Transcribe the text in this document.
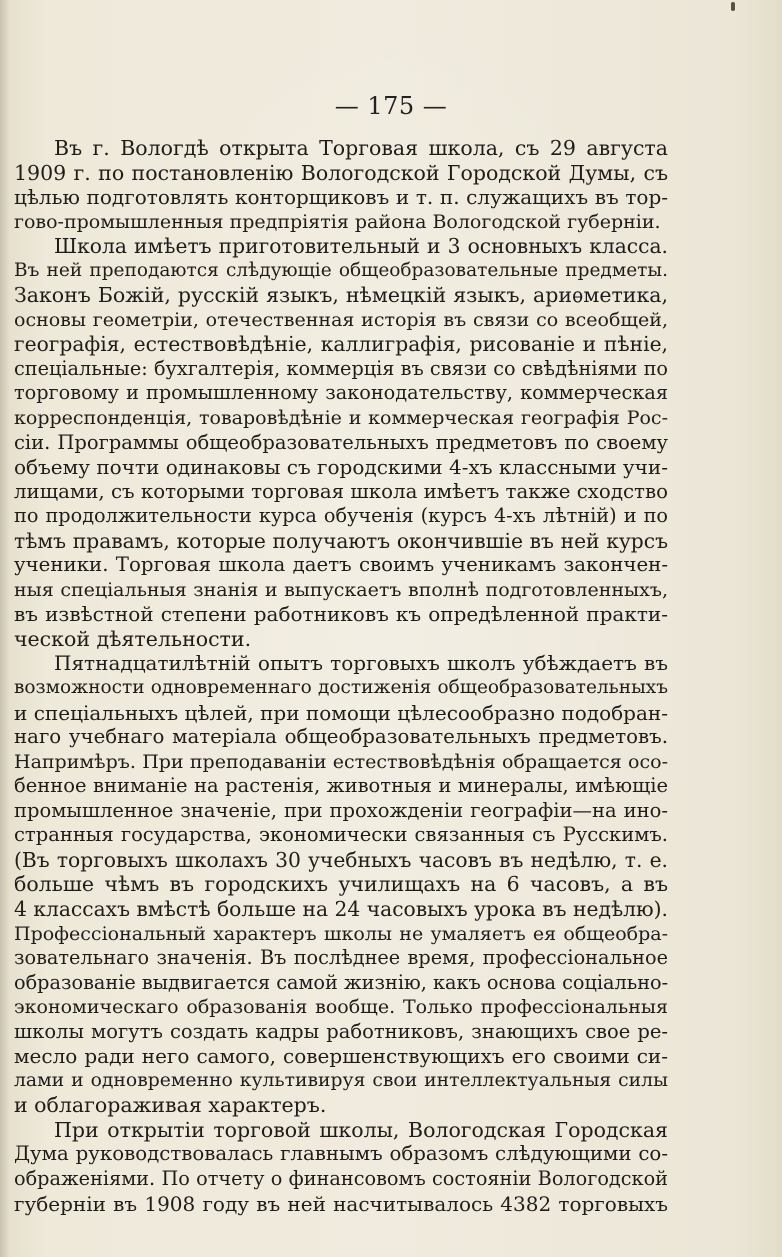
— 175 —
Въ г. Вологдѣ открыта Торговая школа, съ 29 августа
1909 г. по постановленію Вологодской Городской Думы, съ
цѣлью подготовлять конторщиковъ и т. п. служащихъ въ тор-
гово-промышленныя предпріятія района Вологодской губерніи.
Школа имѣетъ приготовительный и 3 основныхъ класса.
Въ ней преподаются слѣдующіе общеобразовательные предметы.
Законъ Божій, русскій языкъ, нѣмецкій языкъ, ариѳметика,
основы геометріи, отечественная исторія въ связи со всеобщей,
географія, естествовѣдѣніе, каллиграфія, рисованіе и пѣніе,
спеціальные: бухгалтерія, коммерція въ связи со свѣдѣніями по
торговому и промышленному законодательству, коммерческая
корреспонденція, товаровѣдѣніе и коммерческая географія Рос-
сіи. Программы общеобразовательныхъ предметовъ по своему
объему почти одинаковы съ городскими 4-хъ классными учи-
лищами, съ которыми торговая школа имѣетъ также сходство
по продолжительности курса обученія (курсъ 4-хъ лѣтній) и по
тѣмъ правамъ, которые получаютъ окончившіе въ ней курсъ
ученики. Торговая школа даетъ своимъ ученикамъ закончен-
ныя спеціальныя знанія и выпускаетъ вполнѣ подготовленныхъ,
въ извѣстной степени работниковъ къ опредѣленной практи-
ческой дѣятельности.
Пятнадцатилѣтній опытъ торговыхъ школъ убѣждаетъ въ
возможности одновременнаго достиженія общеобразовательныхъ
и спеціальныхъ цѣлей, при помощи цѣлесообразно подобран-
наго учебнаго матеріала общеобразовательныхъ предметовъ.
Напримѣръ. При преподаваніи естествовѣдѣнія обращается осо-
бенное вниманіе на растенія, животныя и минералы, имѣющіе
промышленное значеніе, при прохожденіи географіи—на ино-
странныя государства, экономически связанныя съ Русскимъ.
(Въ торговыхъ школахъ 30 учебныхъ часовъ въ недѣлю, т. е.
больше чѣмъ въ городскихъ училищахъ на 6 часовъ, а въ
4 классахъ вмѣстѣ больше на 24 часовыхъ урока въ недѣлю).
Профессіональный характеръ школы не умаляетъ ея общеобра-
зовательнаго значенія. Въ послѣднее время, профессіональное
образованіе выдвигается самой жизнію, какъ основа соціально-
экономическаго образованія вообще. Только профессіональныя
школы могутъ создать кадры работниковъ, знающихъ свое ре-
месло ради него самого, совершенствующихъ его своими си-
лами и одновременно культивируя свои интеллектуальныя силы
и облагораживая характеръ.
При открытіи торговой школы, Вологодская Городская
Дума руководствовалась главнымъ образомъ слѣдующими со-
ображеніями. По отчету о финансовомъ состояніи Вологодской
губерніи въ 1908 году въ ней насчитывалось 4382 торговыхъ
